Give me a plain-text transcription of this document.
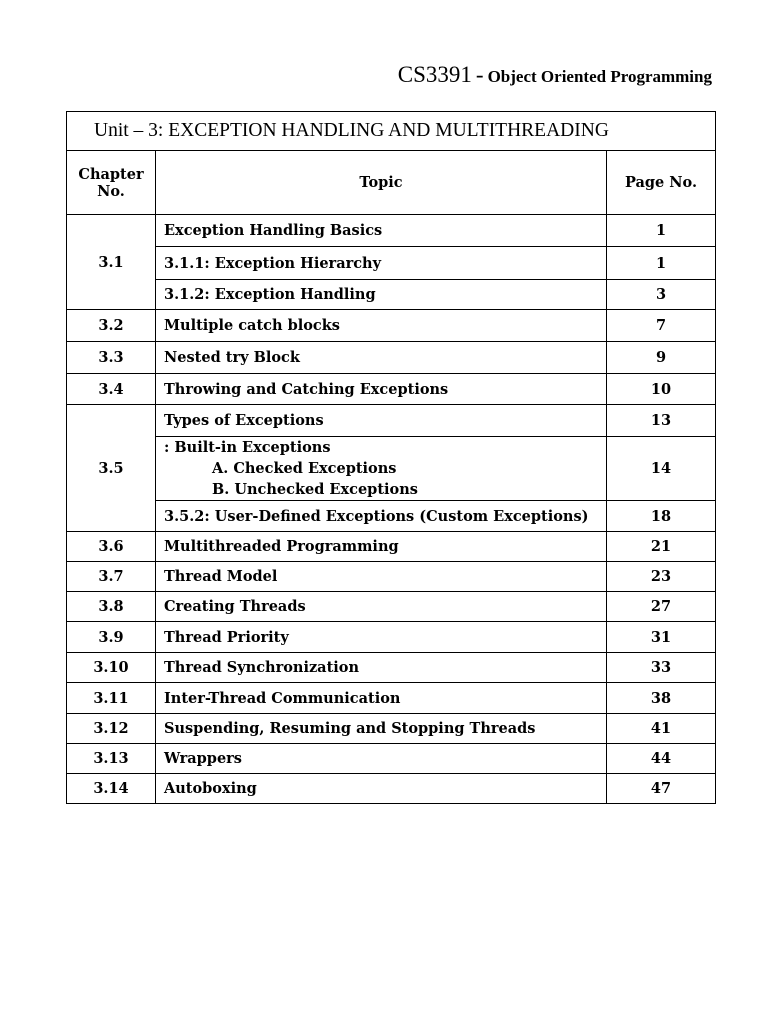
CS3391 - Object Oriented Programming
Unit – 3: EXCEPTION HANDLING AND MULTITHREADING		
Chapter No.	Topic	Page No.
3.1	Exception Handling Basics	1
	3.1.1: Exception Hierarchy	1
	3.1.2: Exception Handling	3
3.2	Multiple catch blocks	7
3.3	Nested try Block	9
3.4	Throwing and Catching Exceptions	10
3.5	Types of Exceptions	13

	: Built-in Exceptions
A. Checked Exceptions
B. Unchecked Exceptions	14
	3.5.2: User-Defined Exceptions (Custom Exceptions)	18
3.6	Multithreaded Programming	21
3.7	Thread Model	23
3.8	Creating Threads	27
3.9	Thread Priority	31
3.10	Thread Synchronization	33
3.11	Inter-Thread Communication	38
3.12	Suspending, Resuming and Stopping Threads	41
3.13	Wrappers	44
3.14	Autoboxing	47
